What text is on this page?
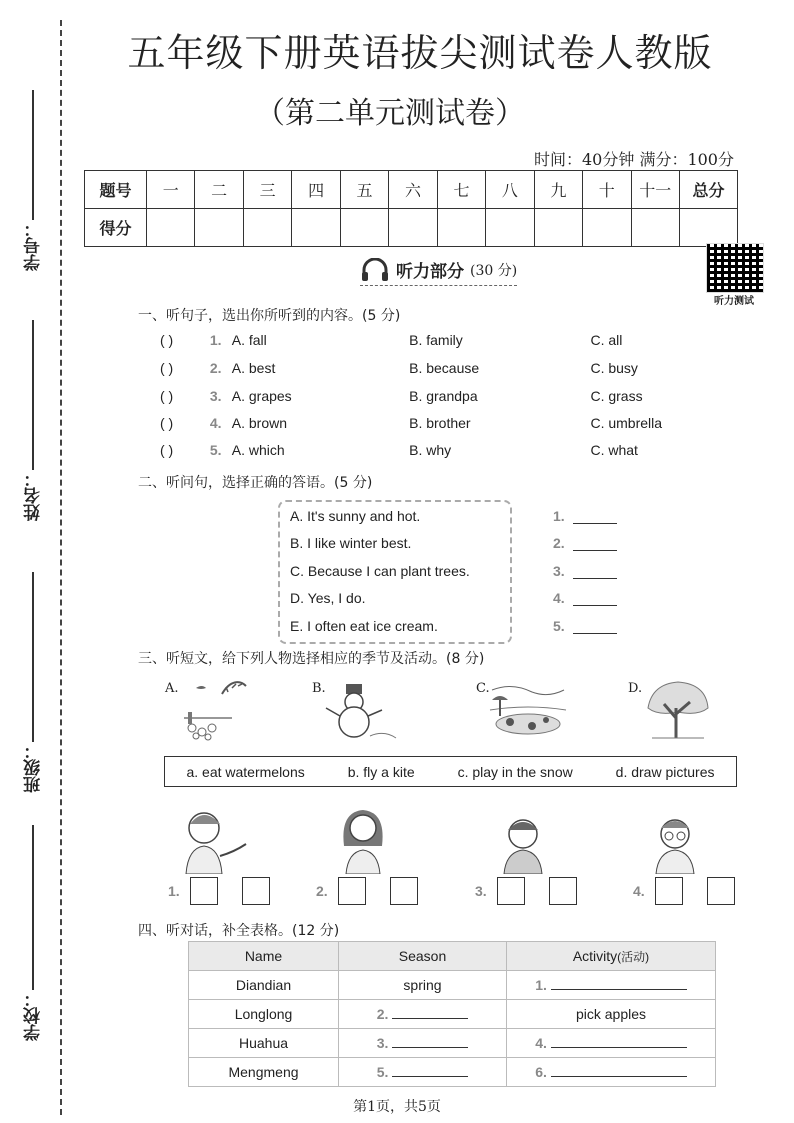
学号：
姓名：
班级：
学校：
五年级下册英语拔尖测试卷人教版
（第二单元测试卷）
时间：40分钟 满分：100分
题号	一	二	三	四	五	六	七	八	九	十	十一	总分
得分												
听力部分 (30 分)
听力测试
一、听句子，选出你所听到的内容。(5 分)
( )	1. A. fall	B. family	C. all
( )	2. A. best	B. because	C. busy
( )	3. A. grapes	B. grandpa	C. grass
( )	4. A. brown	B. brother	C. umbrella
( )	5. A. which	B. why	C. what
二、听问句，选择正确的答语。(5 分)
A. It's sunny and hot.
B. I like winter best.
C. Because I can plant trees.
D. Yes, I do.
E. I often eat ice cream.
1.
2.
3.
4.
5.
三、听短文，给下列人物选择相应的季节及活动。(8 分)
A.	B.	C.	D.
a. eat watermelons	b. fly a kite	c. play in the snow	d. draw pictures
1.	2.	3.	4.
四、听对话，补全表格。(12 分)
Name	Season	Activity(活动)
Diandian	spring	1.
Longlong	2.	pick apples
Huahua	3.	4.
Mengmeng	5.	6.
第1页，共5页
